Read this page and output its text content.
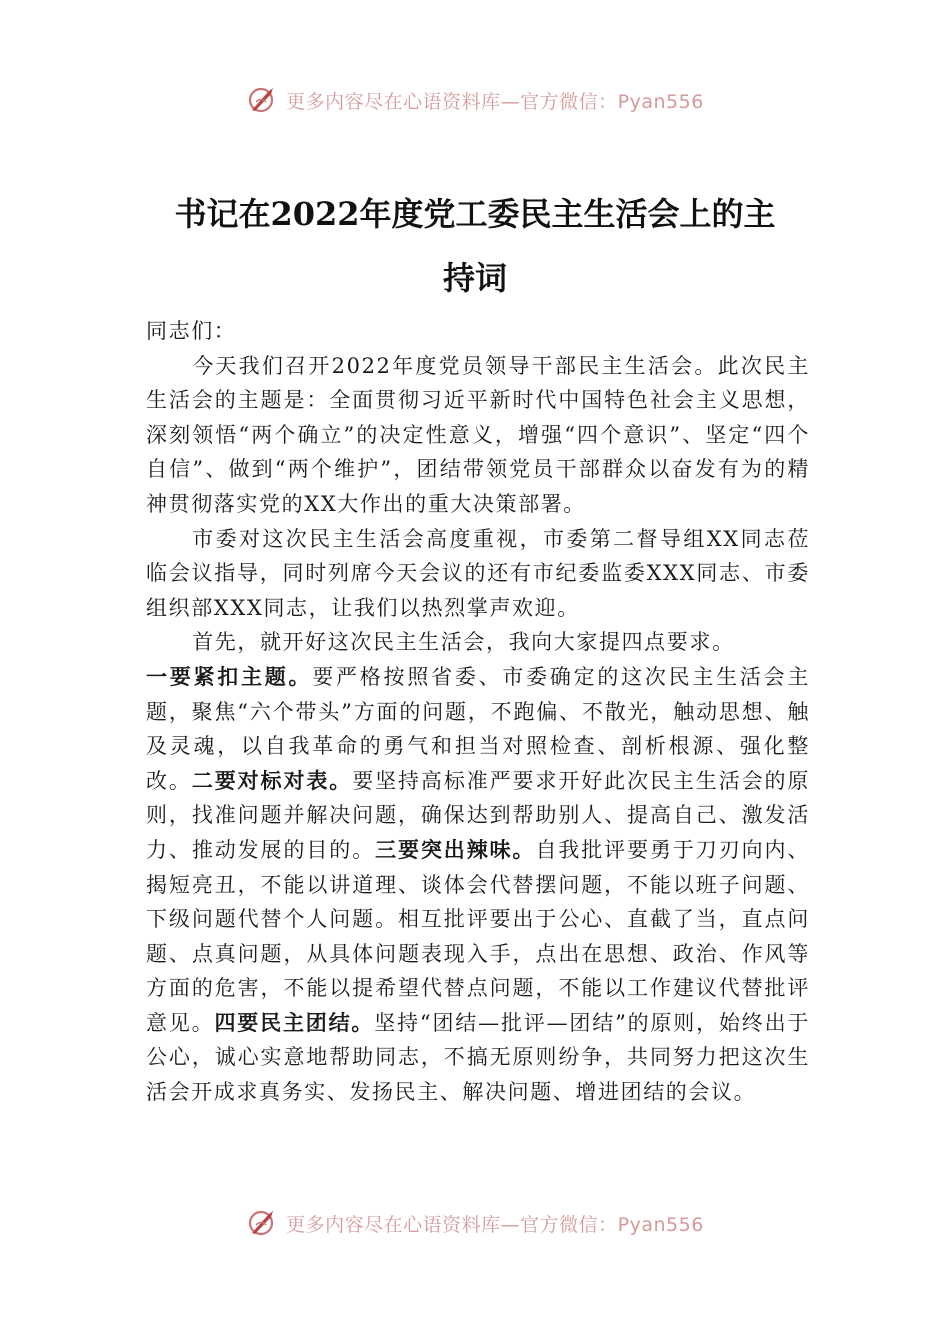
更多内容尽在心语资料库—官方微信：Pyan556
书记在2022年度党工委民主生活会上的主
持词

同志们：

今天我们召开2022年度党员领导干部民主生活会。此次民主生活会的主题是：全面贯彻习近平新时代中国特色社会主义思想，深刻领悟“两个确立”的决定性意义，增强“四个意识”、坚定“四个自信”、做到“两个维护”，团结带领党员干部群众以奋发有为的精神贯彻落实党的XX大作出的重大决策部署。

市委对这次民主生活会高度重视，市委第二督导组XX同志莅临会议指导，同时列席今天会议的还有市纪委监委XXX同志、市委组织部XXX同志，让我们以热烈掌声欢迎。

首先，就开好这次民主生活会，我向大家提四点要求。

一要紧扣主题。要严格按照省委、市委确定的这次民主生活会主题，聚焦“六个带头”方面的问题，不跑偏、不散光，触动思想、触及灵魂，以自我革命的勇气和担当对照检查、剖析根源、强化整改。二要对标对表。要坚持高标准严要求开好此次民主生活会的原则，找准问题并解决问题，确保达到帮助别人、提高自己、激发活力、推动发展的目的。三要突出辣味。自我批评要勇于刀刃向内、揭短亮丑，不能以讲道理、谈体会代替摆问题，不能以班子问题、下级问题代替个人问题。相互批评要出于公心、直截了当，直点问题、点真问题，从具体问题表现入手，点出在思想、政治、作风等方面的危害，不能以提希望代替点问题，不能以工作建议代替批评意见。四要民主团结。坚持“团结—批评—团结”的原则，始终出于公心，诚心实意地帮助同志，不搞无原则纷争，共同努力把这次生活会开成求真务实、发扬民主、解决问题、增进团结的会议。

更多内容尽在心语资料库—官方微信：Pyan556
